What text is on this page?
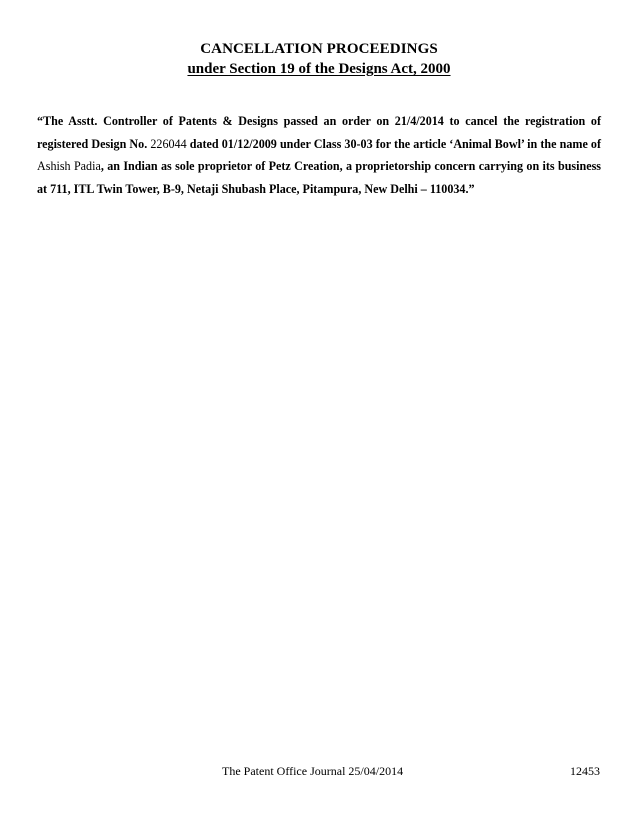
CANCELLATION PROCEEDINGS
under Section 19 of the Designs Act, 2000
“The Asstt. Controller of Patents & Designs passed an order on 21/4/2014 to cancel the registration of registered Design No. 226044 dated 01/12/2009 under Class 30-03 for the article ‘Animal Bowl’ in the name of Ashish Padia, an Indian as sole proprietor of Petz Creation, a proprietorship concern carrying on its business at 711, ITL Twin Tower, B-9, Netaji Shubash Place, Pitampura, New Delhi – 110034.”
The Patent Office Journal 25/04/2014	12453
